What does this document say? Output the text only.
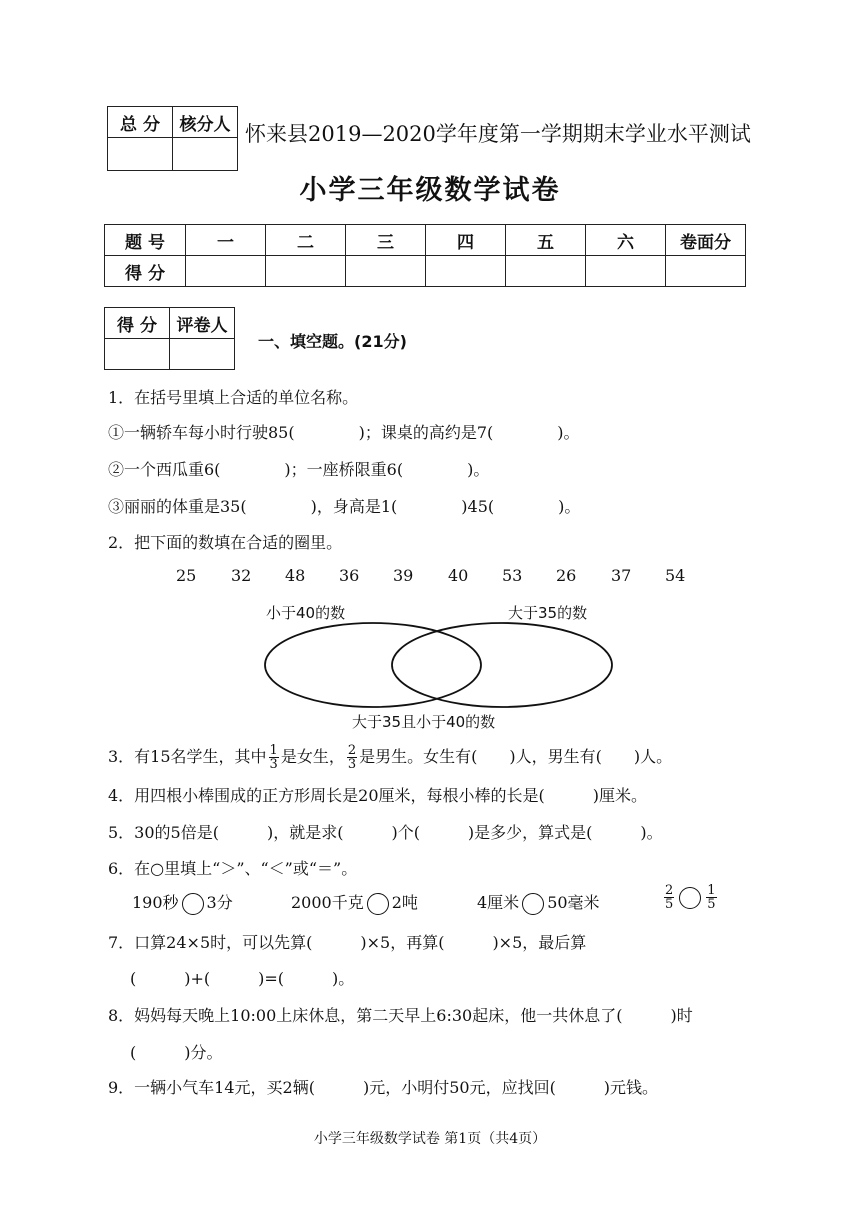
总 分	核分人
	怀来县2019—2020学年度第一学期期末学业水平测试
小学三年级数学试卷
题 号	一	二	三	四	五	六	卷面分
得 分							
得 分	评卷人

一、填空题。(21分)
1．在括号里填上合适的单位名称。
①一辆轿车每小时行驶85(　　　　)；课桌的高约是7(　　　　)。
②一个西瓜重6(　　　　)；一座桥限重6(　　　　)。
③丽丽的体重是35(　　　　)，身高是1(　　　　)45(　　　　)。
2．把下面的数填在合适的圈里。
25 32 48 36 39 40 53 26 37 54
小于40的数	大于35的数
大于35且小于40的数
3．有15名学生，其中 $\frac{1}{3}$ 是女生， $\frac{2}{3}$ 是男生。女生有(　　)人，男生有(　　)人。
4．用四根小棒围成的正方形周长是20厘米，每根小棒的长是(　　　)厘米。
5．30的5倍是(　　　)，就是求(　　　)个(　　　)是多少，算式是(　　　)。
6．在○里填上“＞”、“＜”或“＝”。
190秒 3分	2000千克 2吨	4厘米 50毫米	$\frac{2}{5} \frac{1}{5}$
7．口算24×5时，可以先算(　　　)×5，再算(　　　)×5，最后算
(　　　)+(　　　)=(　　　)。
8．妈妈每天晚上10:00上床休息，第二天早上6:30起床，他一共休息了(　　　)时
(　　　)分。
9．一辆小气车14元，买2辆(　　　)元，小明付50元，应找回(　　　)元钱。
小学三年级数学试卷 第1页（共4页）
